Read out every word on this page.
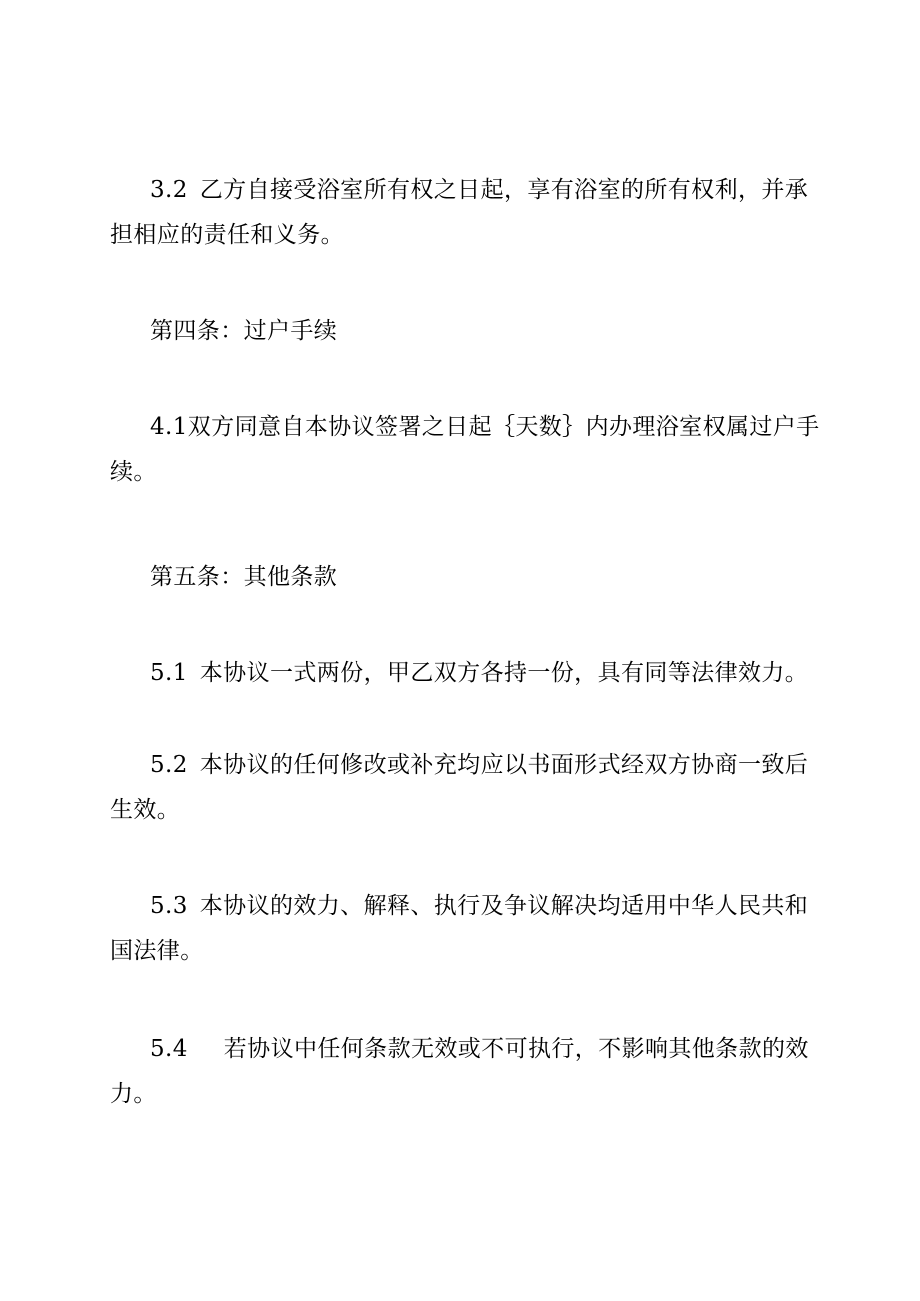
3.2 乙方自接受浴室所有权之日起，享有浴室的所有权利，并承
担相应的责任和义务。
第四条：过户手续
4.1双方同意自本协议签署之日起｛天数｝内办理浴室权属过户手
续。
第五条：其他条款
5.1 本协议一式两份，甲乙双方各持一份，具有同等法律效力。
5.2 本协议的任何修改或补充均应以书面形式经双方协商一致后
生效。
5.3 本协议的效力、解释、执行及争议解决均适用中华人民共和
国法律。
5.4 若协议中任何条款无效或不可执行，不影响其他条款的效
力。
